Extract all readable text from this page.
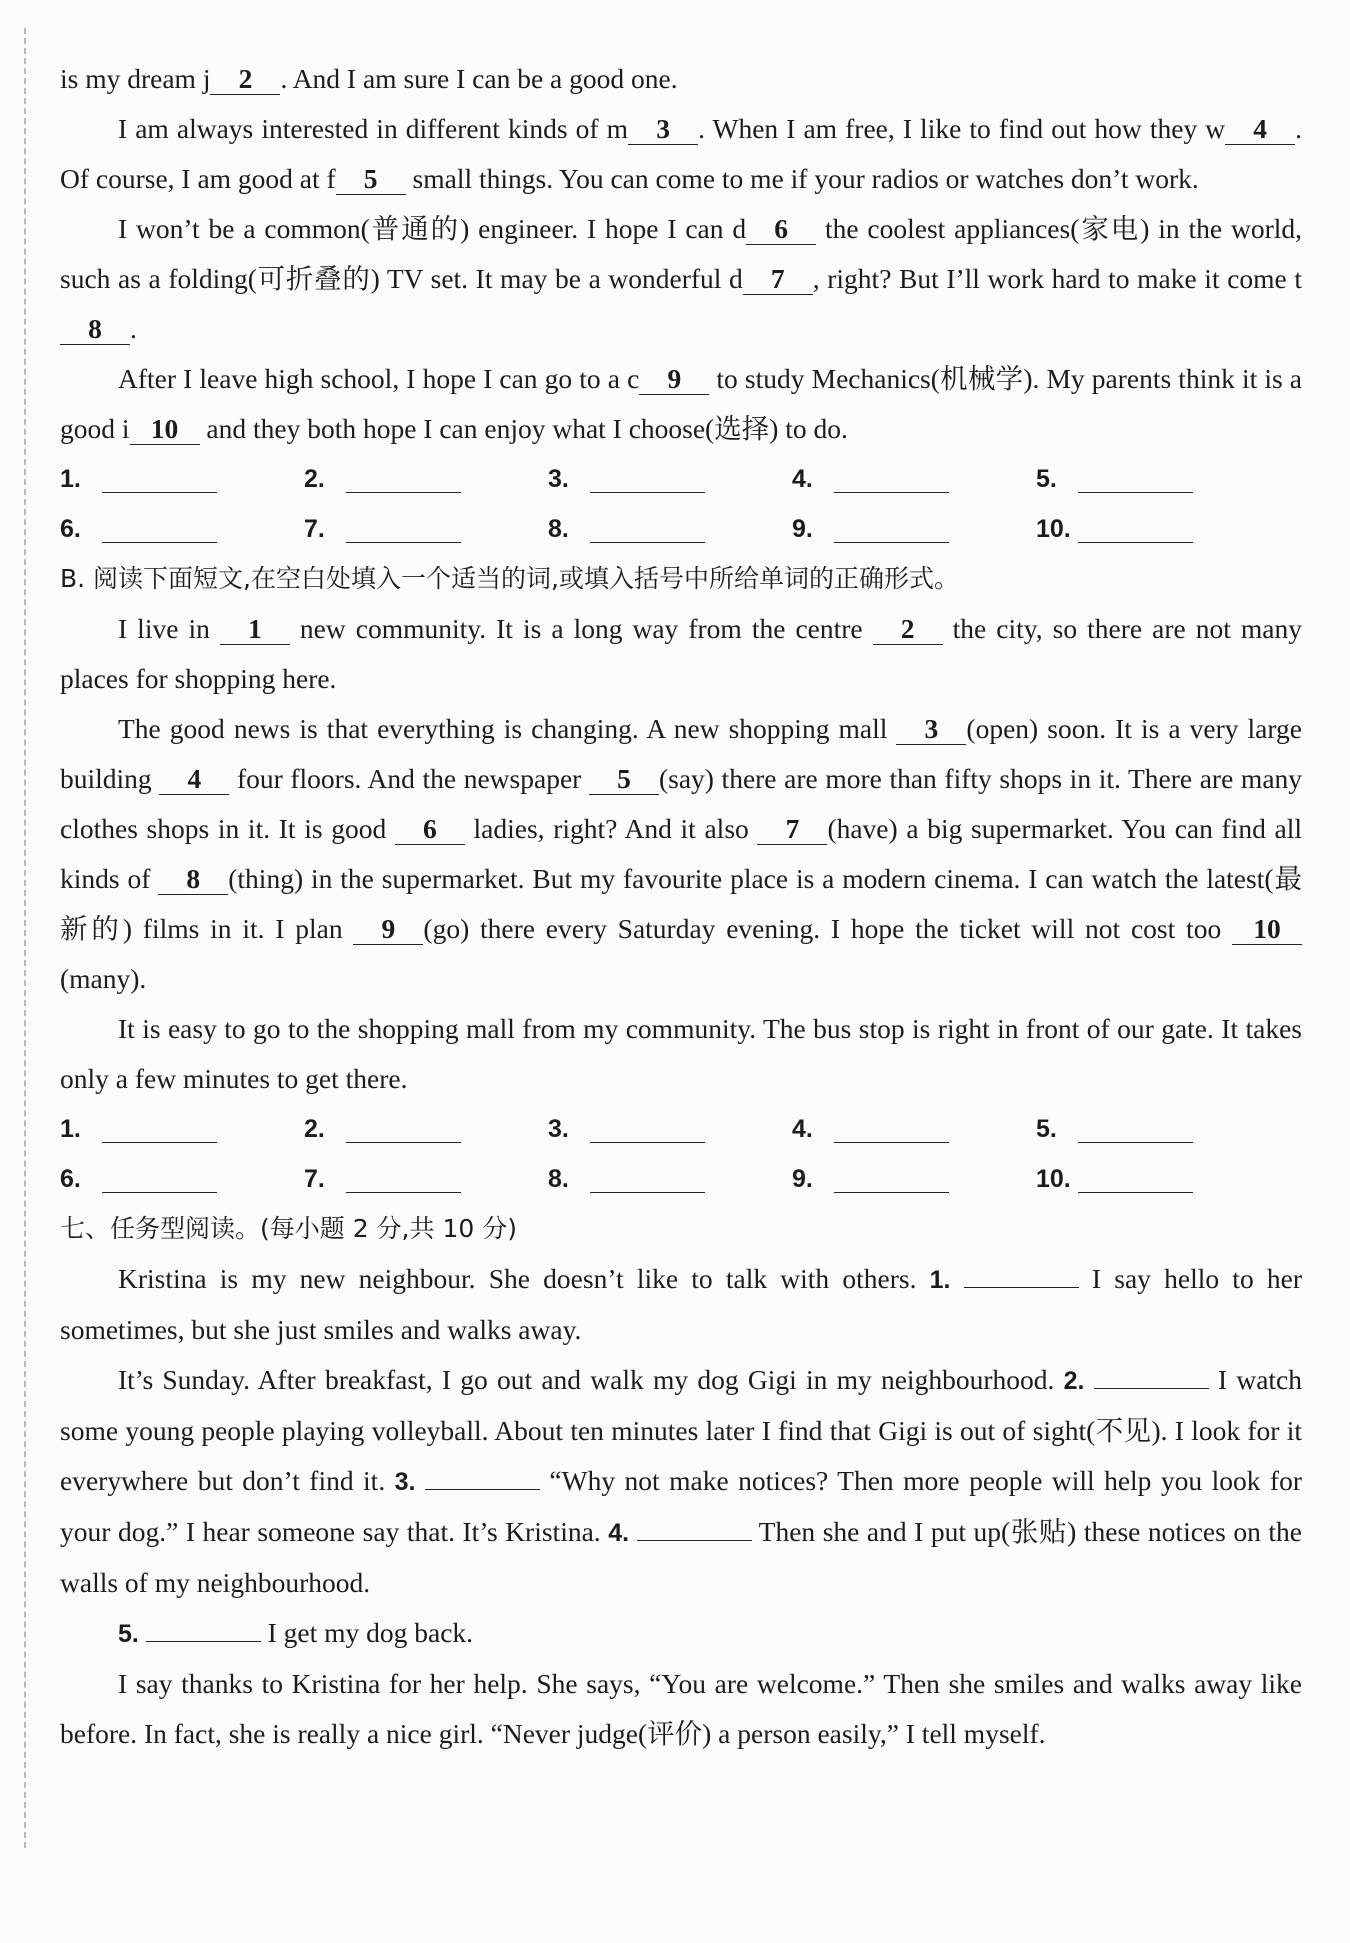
is my dream j 2 . And I am sure I can be a good one.

I am always interested in different kinds of m 3 . When I am free, I like to find out how they w 4 . Of course, I am good at f 5 small things. You can come to me if your radios or watches don’t work.

I won’t be a common(普通的) engineer. I hope I can d 6 the coolest appliances(家电) in the world, such as a folding(可折叠的) TV set. It may be a wonderful d 7 , right? But I’ll work hard to make it come t8 .

After I leave high school, I hope I can go to a c 9 to study Mechanics(机械学). My parents think it is a good i 10 and they both hope I can enjoy what I choose(选择) to do.

1.	2.	3.	4.	5.
6.	7.	8.	9.	10.
B. 阅读下面短文,在空白处填入一个适当的词,或填入括号中所给单词的正确形式。

I live in 1 new community. It is a long way from the centre 2 the city, so there are not many places for shopping here.

The good news is that everything is changing. A new shopping mall 3 (open) soon. It is a very large building 4 four floors. And the newspaper 5 (say) there are more than fifty shops in it. There are many clothes shops in it. It is good 6 ladies, right? And it also 7 (have) a big supermarket. You can find all kinds of 8 (thing) in the supermarket. But my favourite place is a modern cinema. I can watch the latest(最新的) films in it. I plan 9 (go) there every Saturday evening. I hope the ticket will not cost too 10(many).

It is easy to go to the shopping mall from my community. The bus stop is right in front of our gate. It takes only a few minutes to get there.

1.	2.	3.	4.	5.
6.	7.	8.	9.	10.
七、任务型阅读。(每小题 2 分,共 10 分)

Kristina is my new neighbour. She doesn’t like to talk with others. 1.	I say hello to her sometimes, but she just smiles and walks away.

It’s Sunday. After breakfast, I go out and walk my dog Gigi in my neighbourhood. 2.	I watch some young people playing volleyball. About ten minutes later I find that Gigi is out of sight(不见). I look for it everywhere but don’t find it. 3.	“Why not make notices? Then more people will help you look for your dog.” I hear someone say that. It’s Kristina. 4.	Then she and I put up(张贴) these notices on the walls of my neighbourhood.

5.	I get my dog back.

I say thanks to Kristina for her help. She says, “You are welcome.” Then she smiles and walks away like before. In fact, she is really a nice girl. “Never judge(评价) a person easily,” I tell myself.
